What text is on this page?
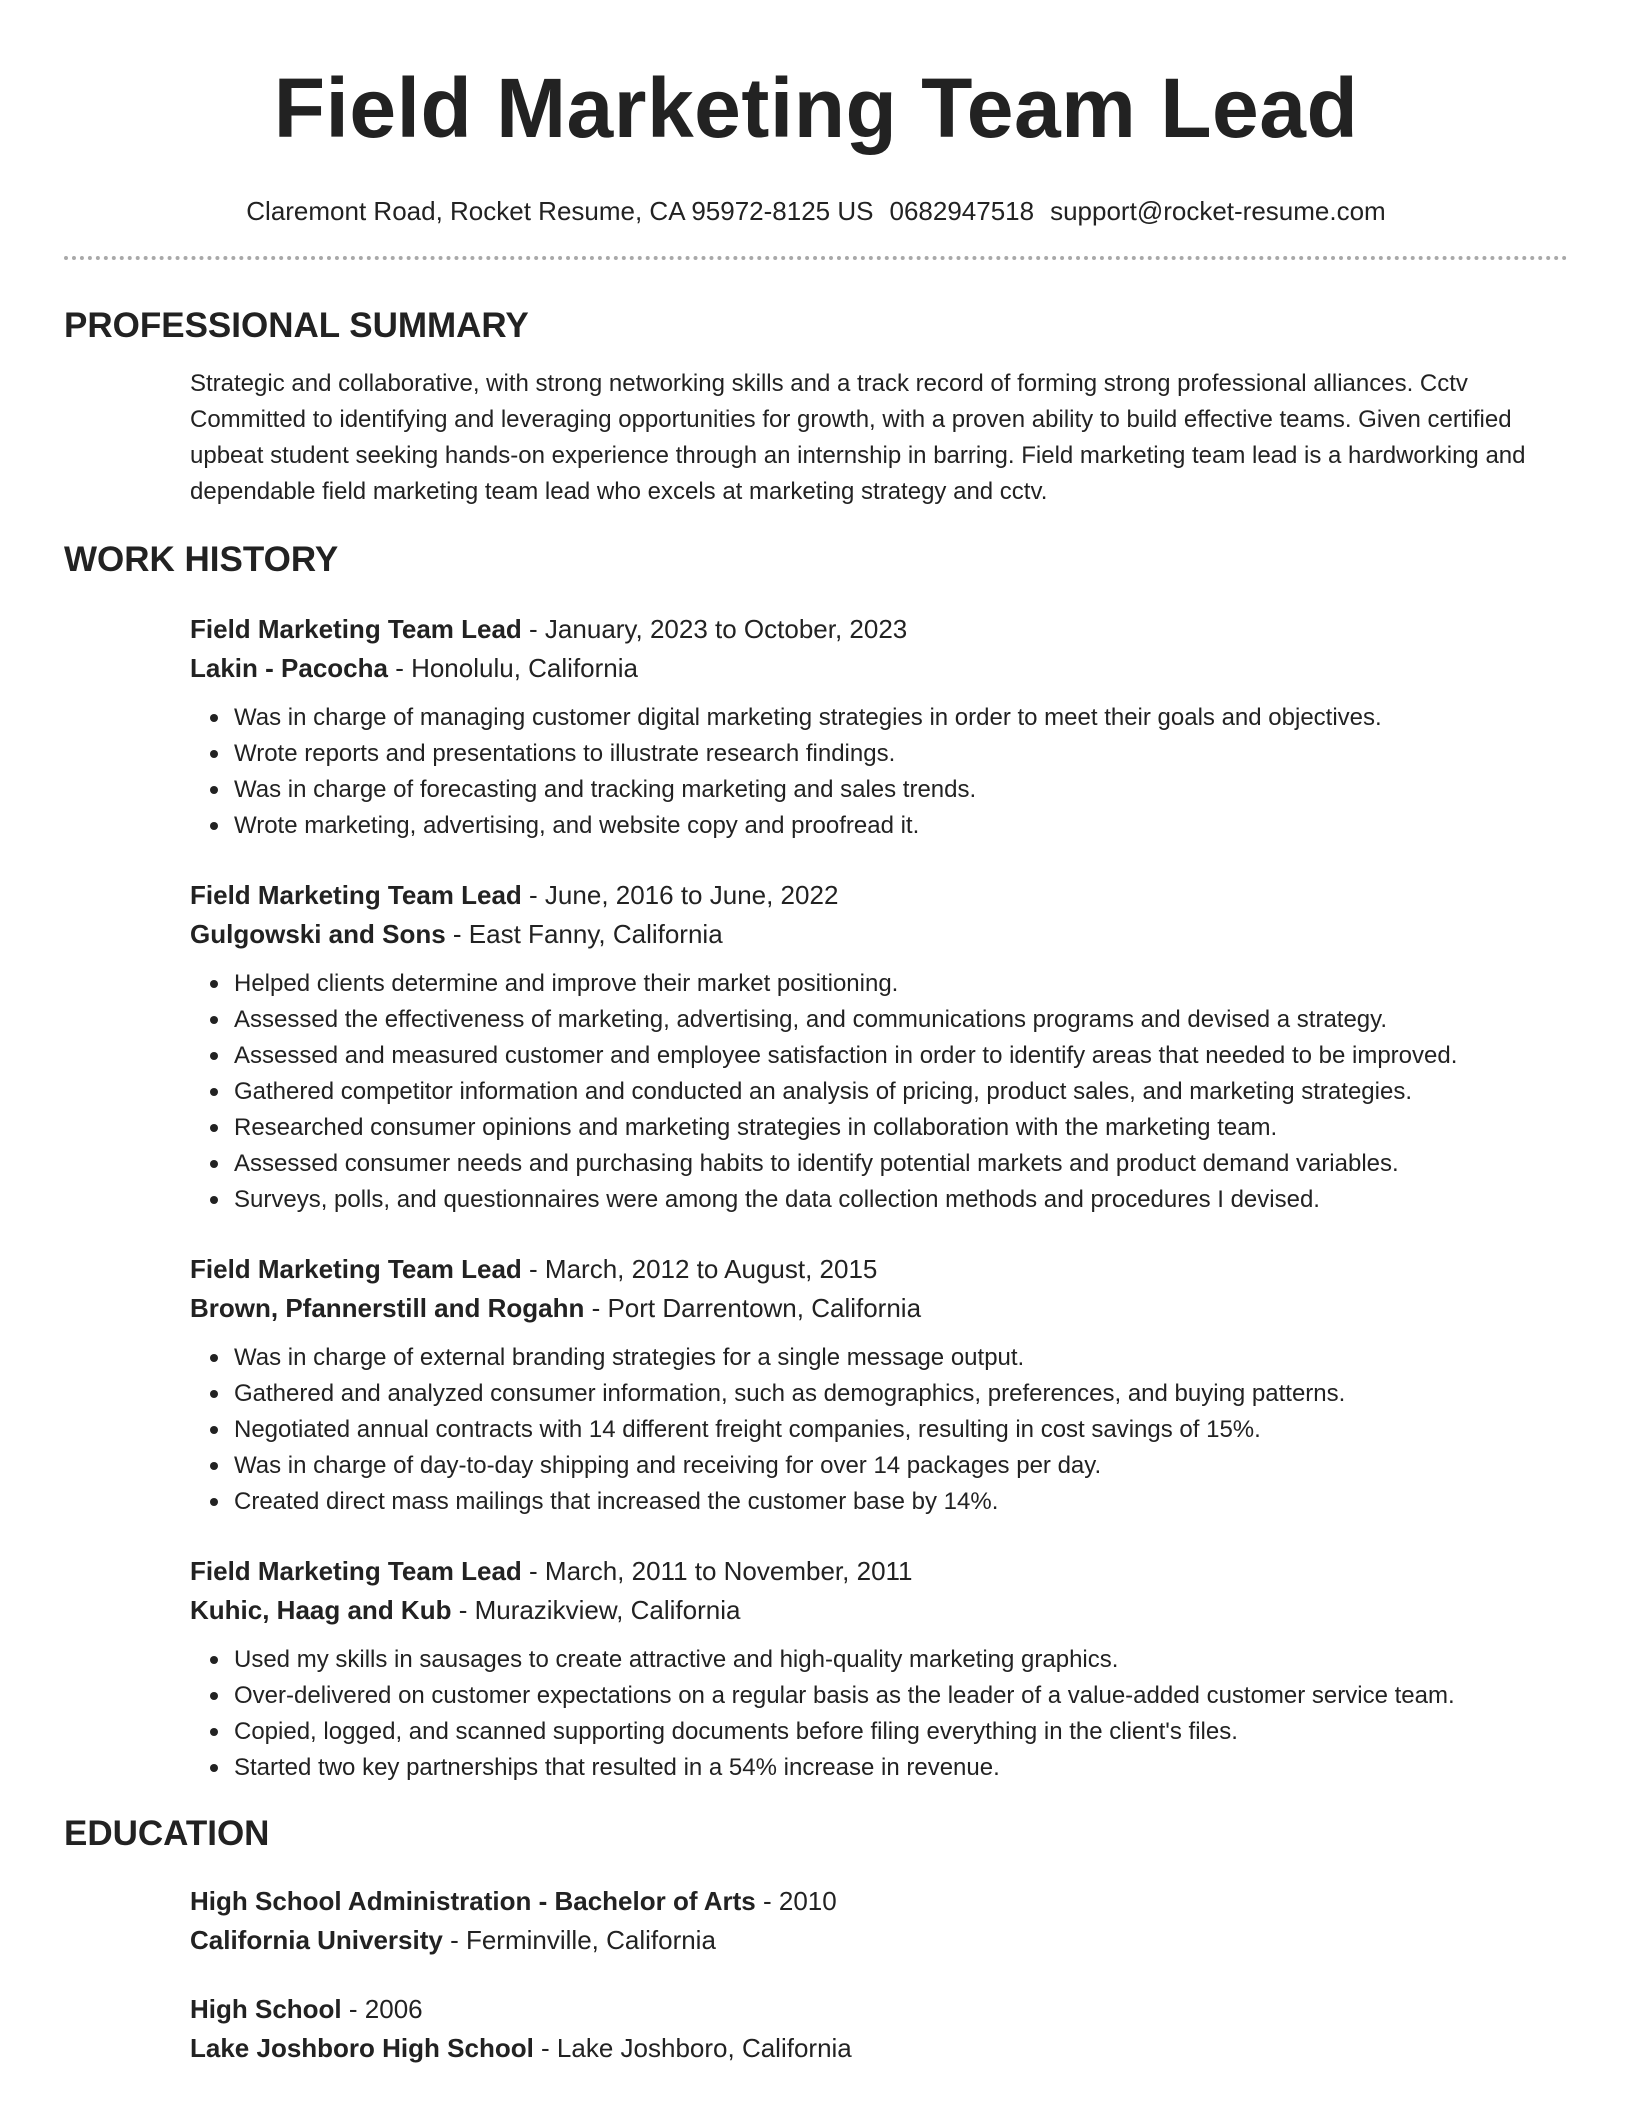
Field Marketing Team Lead
Claremont Road, Rocket Resume, CA 95972-8125 US 0682947518 support@rocket-resume.com
PROFESSIONAL SUMMARY

Strategic and collaborative, with strong networking skills and a track record of forming strong professional alliances. Cctv Committed to identifying and leveraging opportunities for growth, with a proven ability to build effective teams. Given certified upbeat student seeking hands-on experience through an internship in barring. Field marketing team lead is a hardworking and dependable field marketing team lead who excels at marketing strategy and cctv.

WORK HISTORY
Field Marketing Team Lead - January, 2023 to October, 2023
Lakin - Pacocha - Honolulu, California
Was in charge of managing customer digital marketing strategies in order to meet their goals and objectives.
Wrote reports and presentations to illustrate research findings.
Was in charge of forecasting and tracking marketing and sales trends.
Wrote marketing, advertising, and website copy and proofread it.
Field Marketing Team Lead - June, 2016 to June, 2022
Gulgowski and Sons - East Fanny, California
Helped clients determine and improve their market positioning.
Assessed the effectiveness of marketing, advertising, and communications programs and devised a strategy.
Assessed and measured customer and employee satisfaction in order to identify areas that needed to be improved.
Gathered competitor information and conducted an analysis of pricing, product sales, and marketing strategies.
Researched consumer opinions and marketing strategies in collaboration with the marketing team.
Assessed consumer needs and purchasing habits to identify potential markets and product demand variables.
Surveys, polls, and questionnaires were among the data collection methods and procedures I devised.
Field Marketing Team Lead - March, 2012 to August, 2015
Brown, Pfannerstill and Rogahn - Port Darrentown, California
Was in charge of external branding strategies for a single message output.
Gathered and analyzed consumer information, such as demographics, preferences, and buying patterns.
Negotiated annual contracts with 14 different freight companies, resulting in cost savings of 15%.
Was in charge of day-to-day shipping and receiving for over 14 packages per day.
Created direct mass mailings that increased the customer base by 14%.
Field Marketing Team Lead - March, 2011 to November, 2011
Kuhic, Haag and Kub - Murazikview, California
Used my skills in sausages to create attractive and high-quality marketing graphics.
Over-delivered on customer expectations on a regular basis as the leader of a value-added customer service team.
Copied, logged, and scanned supporting documents before filing everything in the client's files.
Started two key partnerships that resulted in a 54% increase in revenue.
EDUCATION
High School Administration - Bachelor of Arts - 2010
California University - Ferminville, California
High School - 2006
Lake Joshboro High School - Lake Joshboro, California
